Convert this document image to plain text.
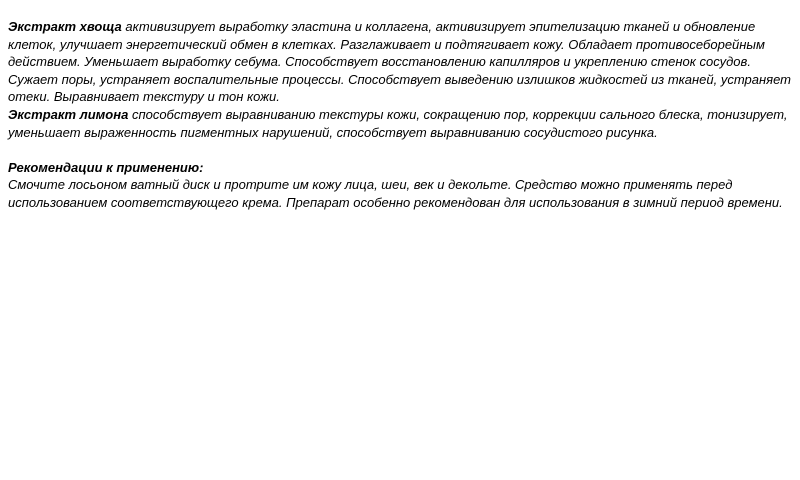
Экстракт хвоща активизирует выработку эластина и коллагена, активизирует эпителизацию тканей и обновление клеток, улучшает энергетический обмен в клетках. Разглаживает и подтягивает кожу. Обладает противосеборейным действием. Уменьшает выработку себума. Способствует восстановлению капилляров и укреплению стенок сосудов. Сужает поры, устраняет воспалительные процессы. Способствует выведению излишков жидкостей из тканей, устраняет отеки. Выравнивает текстуру и тон кожи.

Экстракт лимона способствует выравниванию текстуры кожи, сокращению пор, коррекции сального блеска, тонизирует, уменьшает выраженность пигментных нарушений, способствует выравниванию сосудистого рисунка.

Рекомендации к применению:

Смочите лосьоном ватный диск и протрите им кожу лица, шеи, век и декольте. Средство можно применять перед использованием соответствующего крема. Препарат особенно рекомендован для использования в зимний период времени.
